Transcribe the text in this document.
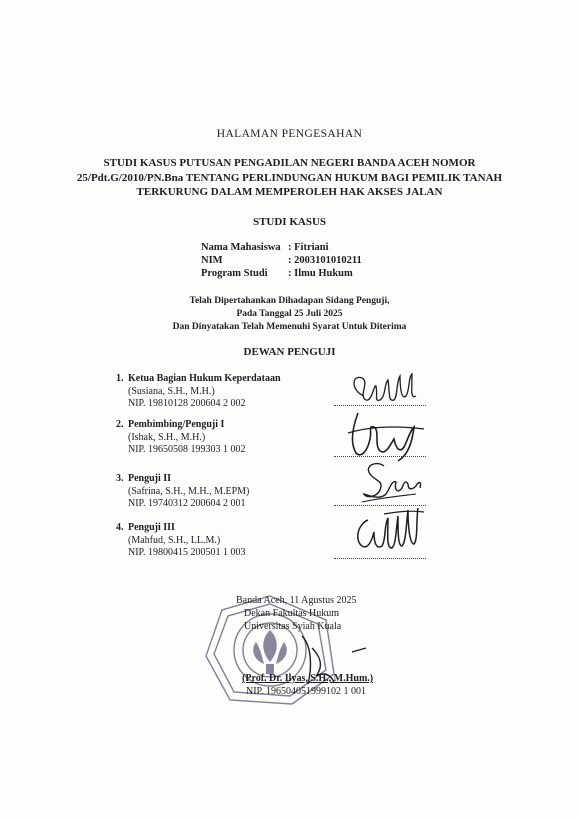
HALAMAN PENGESAHAN
STUDI KASUS PUTUSAN PENGADILAN NEGERI BANDA ACEH NOMOR
25/Pdt.G/2010/PN.Bna TENTANG PERLINDUNGAN HUKUM BAGI PEMILIK TANAH
TERKURUNG DALAM MEMPEROLEH HAK AKSES JALAN
STUDI KASUS
Nama Mahasiswa	: Fitriani
NIM	: 2003101010211
Program Studi	: Ilmu Hukum
Telah Dipertahankan Dihadapan Sidang Penguji,
Pada Tanggal 25 Juli 2025
Dan Dinyatakan Telah Memenuhi Syarat Untuk Diterima
DEWAN PENGUJI
1. Ketua Bagian Hukum Keperdataan
(Susiana, S.H., M.H.)
NIP. 19810128 200604 2 002
2. Pembimbing/Penguji I
(Ishak, S.H., M.H.)
NIP. 19650508 199303 1 002
3. Penguji II
(Safrina, S.H., M.H., M.EPM)
NIP. 19740312 200604 2 001
4. Penguji III
(Mahfud, S.H., LL.M.)
NIP. 19800415 200501 1 003
Banda Aceh, 11 Agustus 2025
Dekan Fakultas Hukum
Universitas Syiah Kuala
(Prof. Dr. Ilyas, S.H., M.Hum.)
NIP. 196504051999102 1 001
